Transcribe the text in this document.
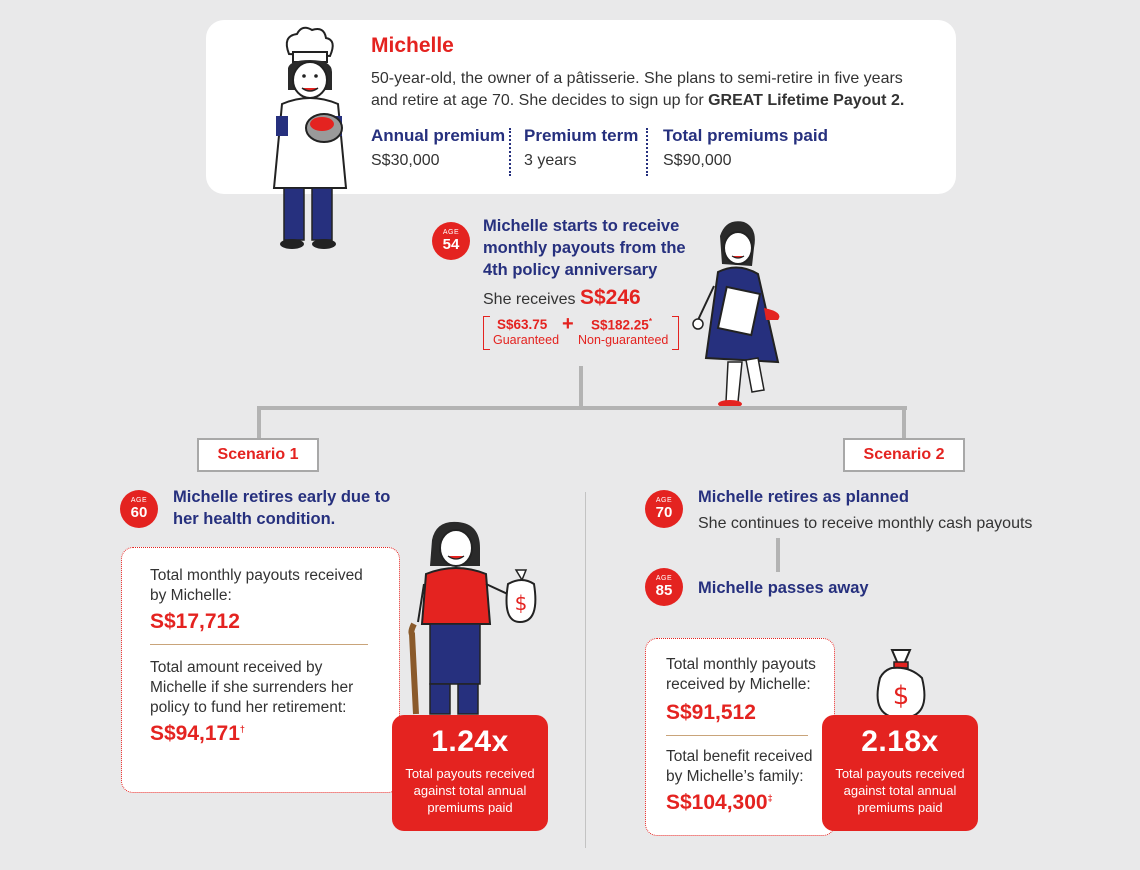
Michelle
50-year-old, the owner of a pâtisserie. She plans to semi-retire in five years
and retire at age 70. She decides to sign up for GREAT Lifetime Payout 2.
Annual premium
S$30,000
Premium term
3 years
Total premiums paid
S$90,000
AGE
54
Michelle starts to receive
monthly payouts from the
4th policy anniversary
She receives S$246
S$63.75
Guaranteed
+ S$182.25*
Non-guaranteed
Scenario 1	Scenario 2
AGE
60
Michelle retires early due to
her health condition.
Total monthly payouts received
by Michelle:
S$17,712
Total amount received by
Michelle if she surrenders her
policy to fund her retirement:
S$94,171†
$
1.24x
Total payouts received
against total annual
premiums paid
AGE
70
Michelle retires as planned
She continues to receive monthly cash payouts
AGE
85	Michelle passes away
Total monthly payouts
received by Michelle:
S$91,512
Total benefit received
by Michelle’s family:
S$104,300‡
$
2.18x
Total payouts received
against total annual
premiums paid
